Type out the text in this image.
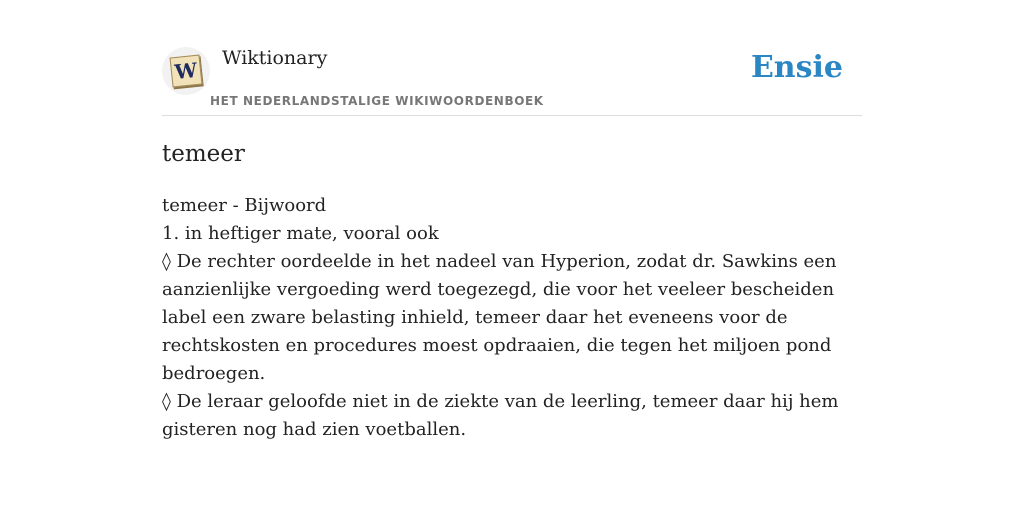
W Wiktionary
HET NEDERLANDSTALIGE WIKIWOORDENBOEK
Ensie
temeer
temeer - Bijwoord
1. in heftiger mate, vooral ook
◊ De rechter oordeelde in het nadeel van Hyperion, zodat dr. Sawkins een aanzienlijke vergoeding werd toegezegd, die voor het veeleer bescheiden label een zware belasting inhield, temeer daar het eveneens voor de rechtskosten en procedures moest opdraaien, die tegen het miljoen pond bedroegen.
◊ De leraar geloofde niet in de ziekte van de leerling, temeer daar hij hem gisteren nog had zien voetballen.
